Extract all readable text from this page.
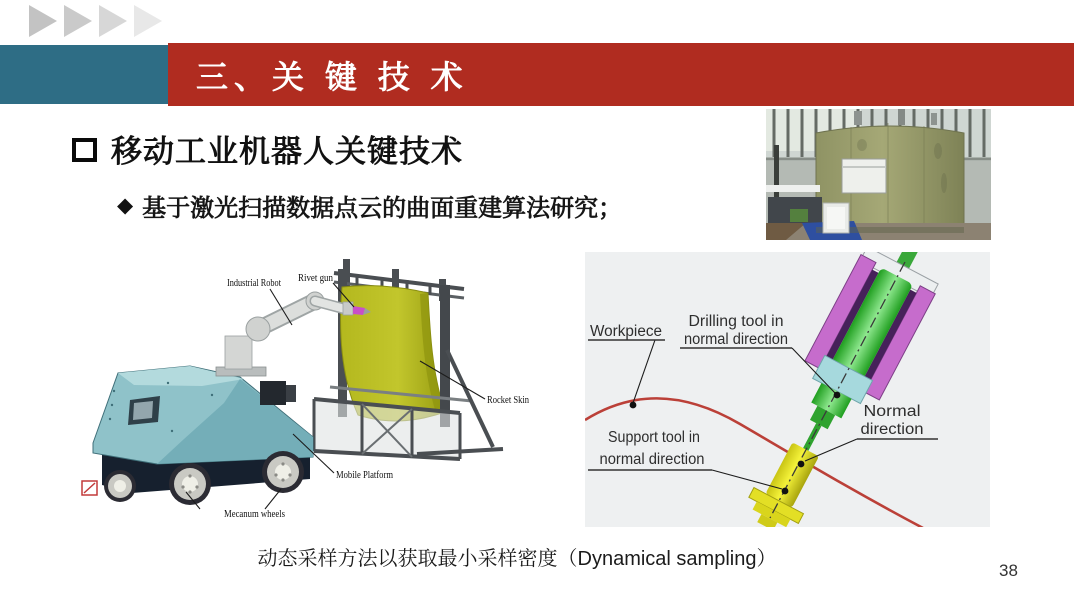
三、关 键 技 术
移动工业机器人关键技术
◆ 基于激光扫描数据点云的曲面重建算法研究；
Industrial Robot Rivet gun
Rocket Skin
Mobile Platform
Mecanum wheels
Workpiece
Drilling tool in
normal direction
Normal
direction
Support tool in
normal direction
动态采样方法以获取最小采样密度（Dynamical sampling）
38
